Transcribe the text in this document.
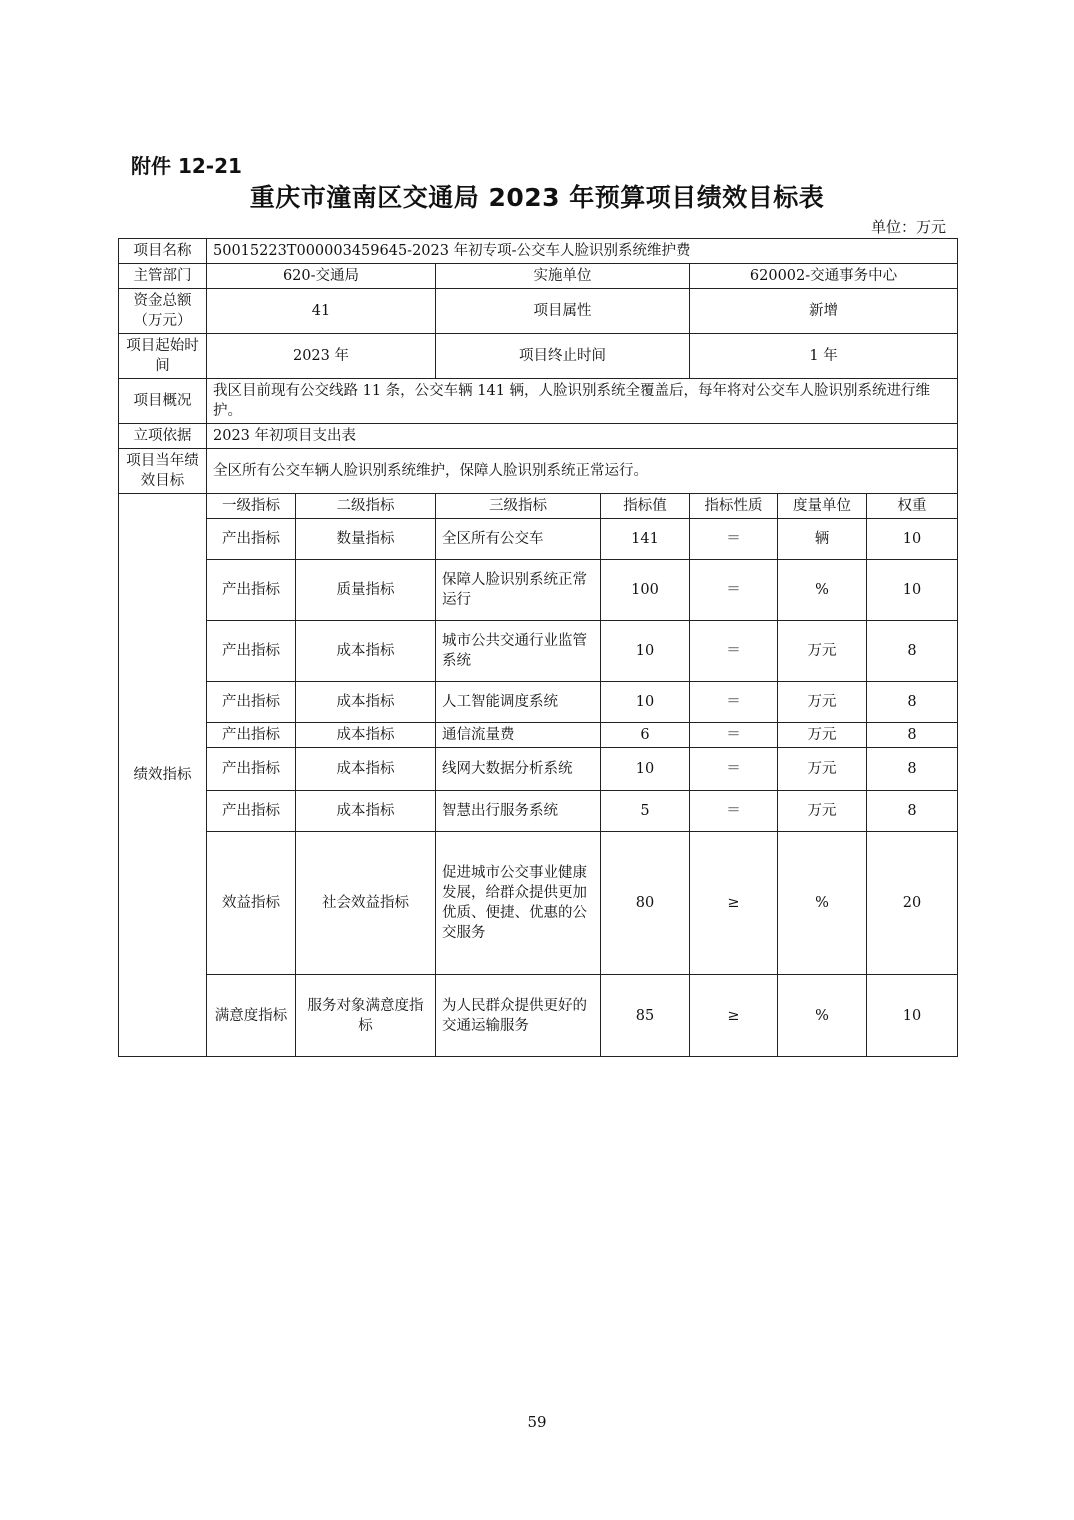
附件 12-21
重庆市潼南区交通局 2023 年预算项目绩效目标表
单位：万元
项目名称	50015223T000003459645-2023 年初专项-公交车人脸识别系统维护费						
主管部门	620-交通局		实施单位		620002-交通事务中心		
资金总额（万元）	41		项目属性		新增		
项目起始时间	2023 年		项目终止时间		1 年		
项目概况	我区目前现有公交线路 11 条，公交车辆 141 辆，人脸识别系统全覆盖后，每年将对公交车人脸识别系统进行维护。						
立项依据	2023 年初项目支出表						
项目当年绩效目标	全区所有公交车辆人脸识别系统维护，保障人脸识别系统正常运行。						
绩效指标	一级指标	二级指标	三级指标	指标值	指标性质	度量单位	权重
	产出指标	数量指标	全区所有公交车	141	＝	辆	10
	产出指标	质量指标	保障人脸识别系统正常运行	100	＝	%	10
	产出指标	成本指标	城市公共交通行业监管系统	10	＝	万元	8
	产出指标	成本指标	人工智能调度系统	10	＝	万元	8
	产出指标	成本指标	通信流量费	6	＝	万元	8
	产出指标	成本指标	线网大数据分析系统	10	＝	万元	8
	产出指标	成本指标	智慧出行服务系统	5	＝	万元	8
	效益指标	社会效益指标	促进城市公交事业健康发展，给群众提供更加优质、便捷、优惠的公交服务	80	≥	%	20
	满意度指标	服务对象满意度指标	为人民群众提供更好的交通运输服务	85	≥	%	10
59
